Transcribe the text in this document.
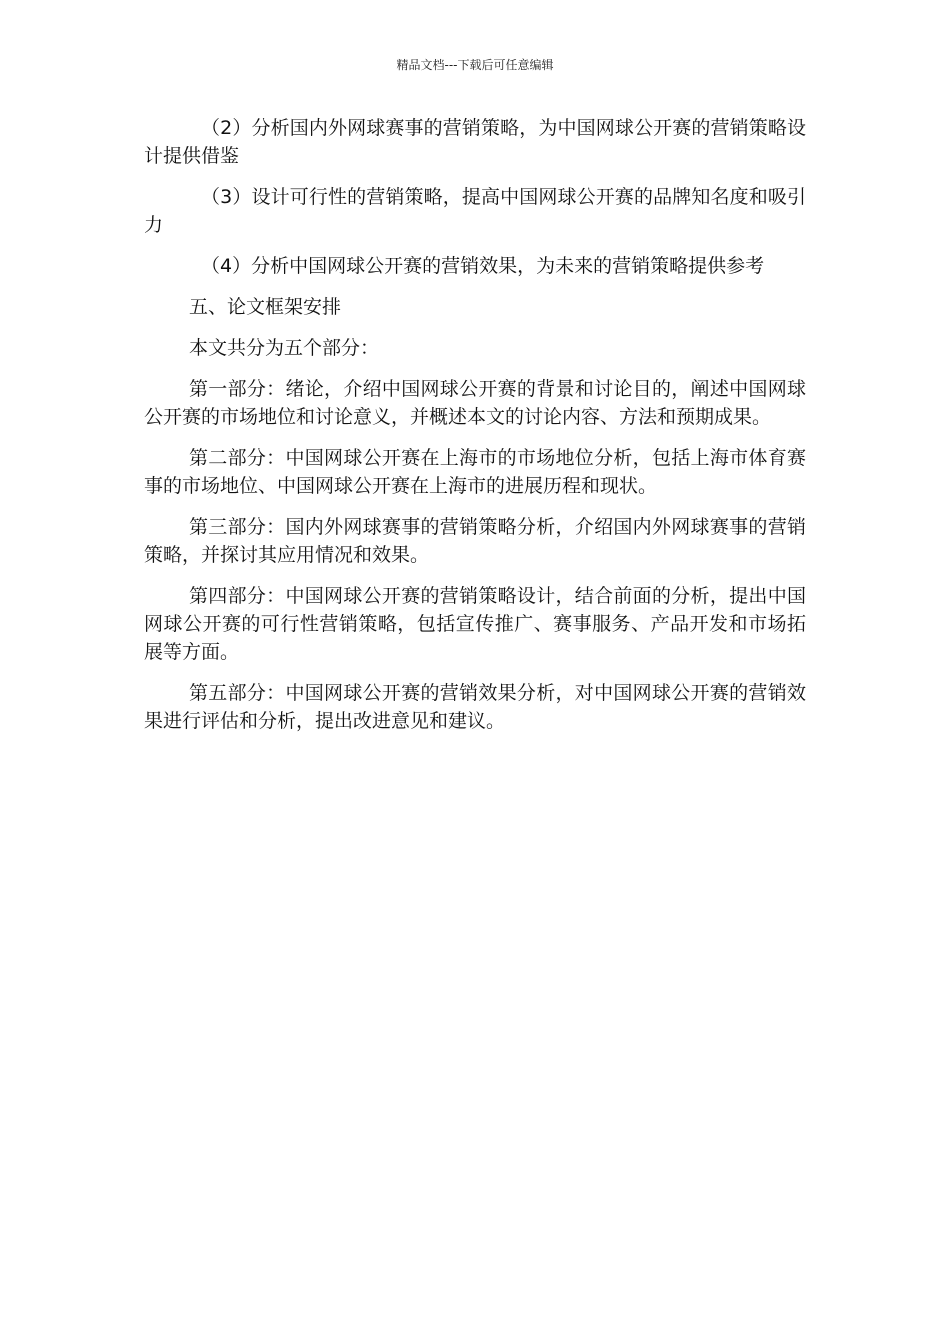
精品文档---下载后可任意编辑

（2）分析国内外网球赛事的营销策略，为中国网球公开赛的营销策略设计提供借鉴

（3）设计可行性的营销策略，提高中国网球公开赛的品牌知名度和吸引力

（4）分析中国网球公开赛的营销效果，为未来的营销策略提供参考

五、论文框架安排

本文共分为五个部分：

第一部分：绪论，介绍中国网球公开赛的背景和讨论目的，阐述中国网球公开赛的市场地位和讨论意义，并概述本文的讨论内容、方法和预期成果。

第二部分：中国网球公开赛在上海市的市场地位分析，包括上海市体育赛事的市场地位、中国网球公开赛在上海市的进展历程和现状。

第三部分：国内外网球赛事的营销策略分析，介绍国内外网球赛事的营销策略，并探讨其应用情况和效果。

第四部分：中国网球公开赛的营销策略设计，结合前面的分析，提出中国网球公开赛的可行性营销策略，包括宣传推广、赛事服务、产品开发和市场拓展等方面。

第五部分：中国网球公开赛的营销效果分析，对中国网球公开赛的营销效果进行评估和分析，提出改进意见和建议。
